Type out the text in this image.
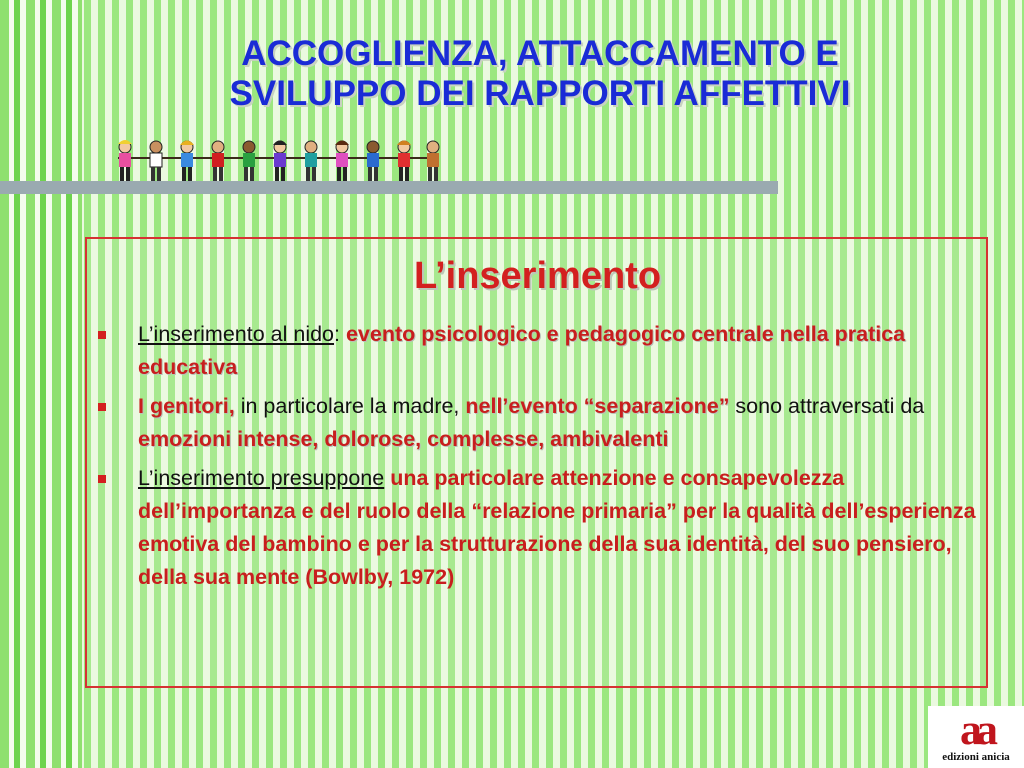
ACCOGLIENZA, ATTACCAMENTO E
SVILUPPO DEI RAPPORTI AFFETTIVI
L’inserimento
L’inserimento al nido: evento psicologico e pedagogico centrale nella pratica educativa
I genitori, in particolare la madre, nell’evento “separazione” sono attraversati da emozioni intense, dolorose, complesse, ambivalenti
L’inserimento presuppone una particolare attenzione e consapevolezza dell’importanza e del ruolo della “relazione primaria” per la qualità dell’esperienza emotiva del bambino e per la strutturazione della sua identità, del suo pensiero, della sua mente (Bowlby, 1972)
aa
edizioni anicia
